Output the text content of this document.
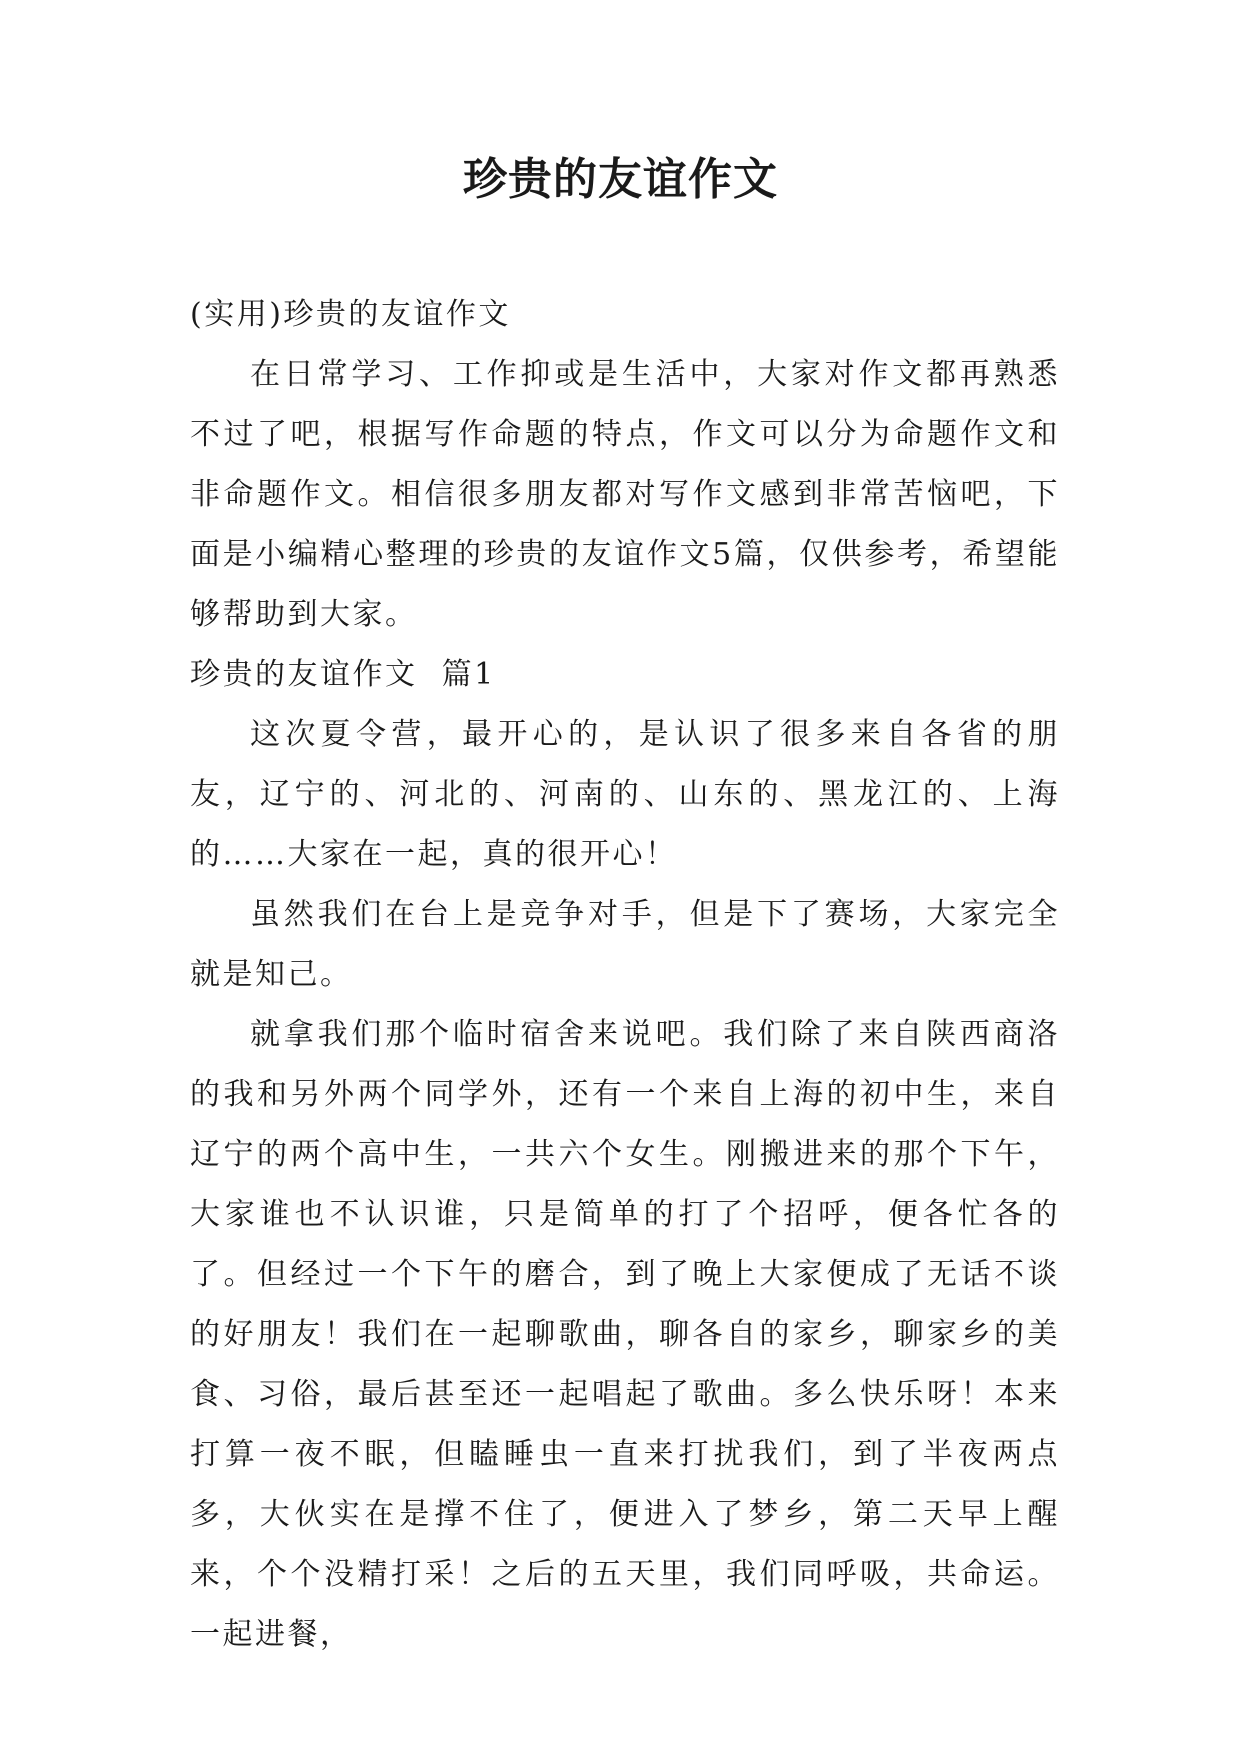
珍贵的友谊作文

(实用)珍贵的友谊作文

在日常学习、工作抑或是生活中，大家对作文都再熟悉不过了吧，根据写作命题的特点，作文可以分为命题作文和非命题作文。相信很多朋友都对写作文感到非常苦恼吧，下面是小编精心整理的珍贵的友谊作文5篇，仅供参考，希望能够帮助到大家。

珍贵的友谊作文  篇1

这次夏令营，最开心的，是认识了很多来自各省的朋友，辽宁的、河北的、河南的、山东的、黑龙江的、上海的……大家在一起，真的很开心！

虽然我们在台上是竞争对手，但是下了赛场，大家完全就是知己。

就拿我们那个临时宿舍来说吧。我们除了来自陕西商洛的我和另外两个同学外，还有一个来自上海的初中生，来自辽宁的两个高中生，一共六个女生。刚搬进来的那个下午，大家谁也不认识谁，只是简单的打了个招呼，便各忙各的了。但经过一个下午的磨合，到了晚上大家便成了无话不谈的好朋友！我们在一起聊歌曲，聊各自的家乡，聊家乡的美食、习俗，最后甚至还一起唱起了歌曲。多么快乐呀！本来打算一夜不眠，但瞌睡虫一直来打扰我们，到了半夜两点多，大伙实在是撑不住了，便进入了梦乡，第二天早上醒来，个个没精打采！之后的五天里，我们同呼吸，共命运。一起进餐，
